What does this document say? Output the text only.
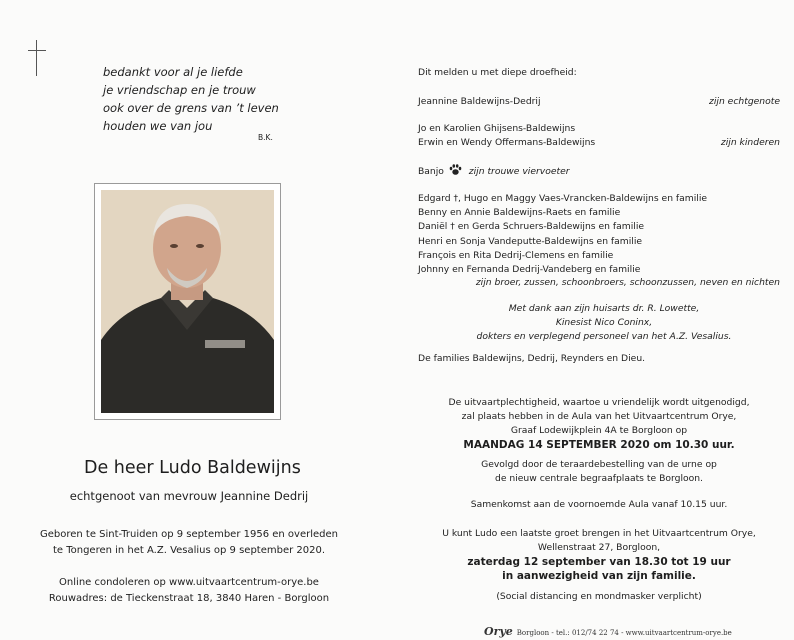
bedankt voor al je liefde
je vriendschap en je trouw
ook over de grens van ’t leven
houden we van jou
B.K.
De heer Ludo Baldewijns
echtgenoot van mevrouw Jeannine Dedrij
Geboren te Sint-Truiden op 9 september 1956 en overleden
te Tongeren in het A.Z. Vesalius op 9 september 2020.
Online condoleren op www.uitvaartcentrum-orye.be
Rouwadres: de Tieckenstraat 18, 3840 Haren - Borgloon
Dit melden u met diepe droefheid:
Jeannine Baldewijns-Dedrij	zijn echtgenote
Jo en Karolien Ghijsens-Baldewijns
Erwin en Wendy Offermans-Baldewijns	zijn kinderen
Banjo	zijn trouwe viervoeter
Edgard †, Hugo en Maggy Vaes-Vrancken-Baldewijns en familie
Benny en Annie Baldewijns-Raets en familie
Daniël † en Gerda Schruers-Baldewijns en familie
Henri en Sonja Vandeputte-Baldewijns en familie
François en Rita Dedrij-Clemens en familie
Johnny en Fernanda Dedrij-Vandeberg en familie
zijn broer, zussen, schoonbroers, schoonzussen, neven en nichten
Met dank aan zijn huisarts dr. R. Lowette,
Kinesist Nico Coninx,
dokters en verplegend personeel van het A.Z. Vesalius.
De families Baldewijns, Dedrij, Reynders en Dieu.
De uitvaartplechtigheid, waartoe u vriendelijk wordt uitgenodigd,
zal plaats hebben in de Aula van het Uitvaartcentrum Orye,
Graaf Lodewijkplein 4A te Borgloon op
MAANDAG 14 SEPTEMBER 2020 om 10.30 uur.
Gevolgd door de teraardebestelling van de urne op
de nieuw centrale begraafplaats te Borgloon.
Samenkomst aan de voornoemde Aula vanaf 10.15 uur.
U kunt Ludo een laatste groet brengen in het Uitvaartcentrum Orye,
Wellenstraat 27, Borgloon,
zaterdag 12 september van 18.30 tot 19 uur
in aanwezigheid van zijn familie.
(Social distancing en mondmasker verplicht)
Orye Borgloon - tel.: 012/74 22 74 - www.uitvaartcentrum-orye.be
